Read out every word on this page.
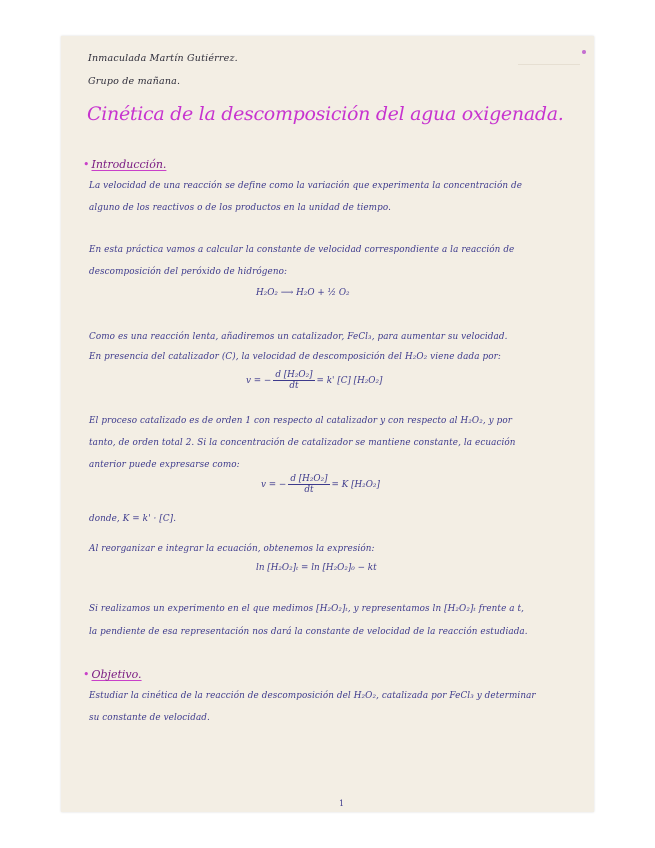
Inmaculada Martín Gutiérrez.
Grupo de mañana.
Cinética de la descomposición del agua oxigenada.
• Introducción.
La velocidad de una reacción se define como la variación que experimenta la concentración de
alguno de los reactivos o de los productos en la unidad de tiempo.
En esta práctica vamos a calcular la constante de velocidad correspondiente a la reacción de
descomposición del peróxido de hidrógeno:
H₂O₂ ⟶ H₂O + ½ O₂
Como es una reacción lenta, añadiremos un catalizador, FeCl₃, para aumentar su velocidad.
En presencia del catalizador (C), la velocidad de descomposición del H₂O₂ viene dada por:
v = − $\frac{\text{d [H₂O₂]}}{dt} = k'$ [C] [H₂O₂]
El proceso catalizado es de orden 1 con respecto al catalizador y con respecto al H₂O₂, y por
tanto, de orden total 2. Si la concentración de catalizador se mantiene constante, la ecuación
anterior puede expresarse como:
v = − $\frac{\text{d [H₂O₂]}}{dt} = K$ [H₂O₂]
donde, K = k' · [C].
Al reorganizar e integrar la ecuación, obtenemos la expresión:
ln [H₂O₂]ₜ = ln [H₂O₂]₀ − kt
Si realizamos un experimento en el que medimos [H₂O₂]ₜ, y representamos ln [H₂O₂]ₜ frente a t,
la pendiente de esa representación nos dará la constante de velocidad de la reacción estudiada.
• Objetivo.
Estudiar la cinética de la reacción de descomposición del H₂O₂, catalizada por FeCl₃ y determinar
su constante de velocidad.
1
